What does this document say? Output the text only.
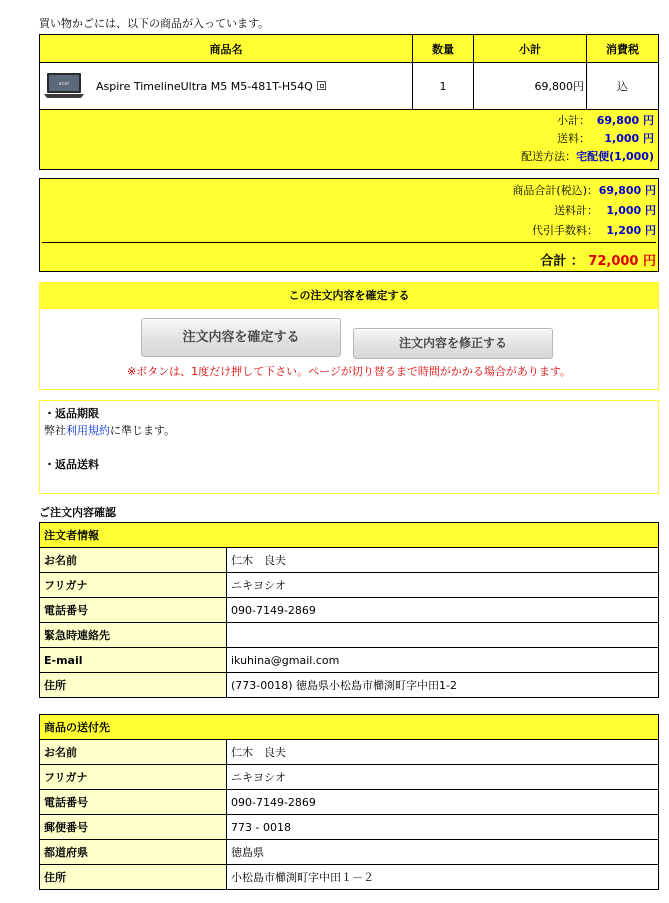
買い物かごには、以下の商品が入っています。
商品名	数量	小計	消費税

acer Aspire TimelineUltra M5 M5-481T-H54Q	1	69,800円	込

小計： 69,800 円
送料： 1,000 円
配送方法：宅配便(1,000)			
商品合計(税込)：69,800 円
送料計： 1,000 円
代引手数料： 1,200 円
合計 ： 72,000 円
この注文内容を確定する
注文内容を確定する	注文内容を修正する
※ボタンは、1度だけ押して下さい。ページが切り替るまで時間がかかる場合があります。
・返品期限
弊社利用規約に準じます。
・返品送料
ご注文内容確認
注文者情報	
お名前	仁木　良夫
フリガナ	ニキヨシオ
電話番号	090-7149-2869
緊急時連絡先	
E-mail	ikuhina@gmail.com
住所	(773-0018) 徳島県小松島市櫛渕町字中田1-2
商品の送付先	
お名前	仁木　良夫
フリガナ	ニキヨシオ
電話番号	090-7149-2869
郵便番号	773 - 0018
都道府県	徳島県
住所	小松島市櫛渕町字中田１－２
